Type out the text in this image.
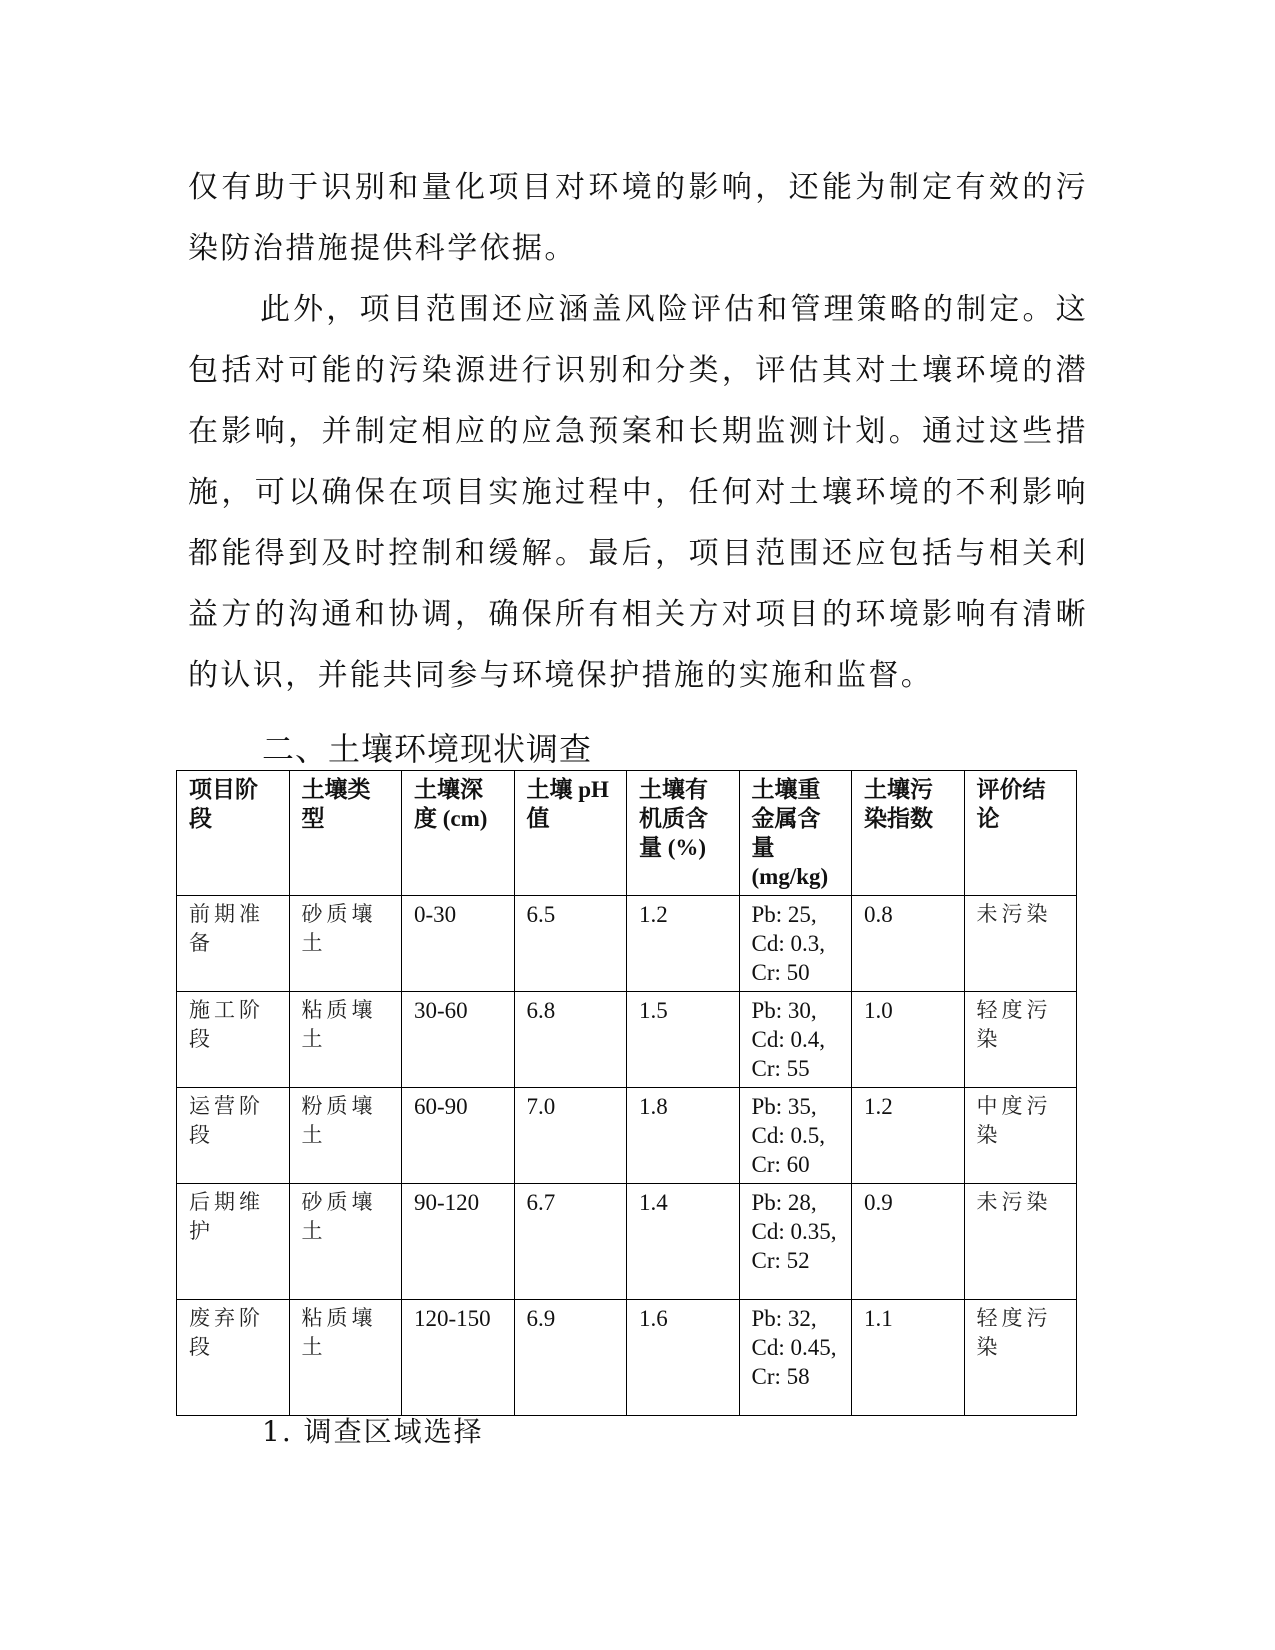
仅有助于识别和量化项目对环境的影响，还能为制定有效的污染防治措施提供科学依据。

此外，项目范围还应涵盖风险评估和管理策略的制定。这包括对可能的污染源进行识别和分类，评估其对土壤环境的潜在影响，并制定相应的应急预案和长期监测计划。通过这些措施，可以确保在项目实施过程中，任何对土壤环境的不利影响都能得到及时控制和缓解。最后，项目范围还应包括与相关利益方的沟通和协调，确保所有相关方对项目的环境影响有清晰的认识，并能共同参与环境保护措施的实施和监督。

二、土壤环境现状调查
项目阶段	土壤类型	土壤深度 (cm)	土壤 pH 值	土壤有机质含量 (%)	土壤重金属含量 (mg/kg)	土壤污染指数	评价结论
前期准备	砂质壤土	0-30	6.5	1.2	Pb: 25, Cd: 0.3, Cr: 50	0.8	未污染
施工阶段	粘质壤土	30-60	6.8	1.5	Pb: 30, Cd: 0.4, Cr: 55	1.0	轻度污染
运营阶段	粉质壤土	60-90	7.0	1.8	Pb: 35, Cd: 0.5, Cr: 60	1.2	中度污染
后期维护	砂质壤土	90-120	6.7	1.4	Pb: 28, Cd: 0.35, Cr: 52	0.9	未污染
废弃阶段	粘质壤土	120-150	6.9	1.6	Pb: 32, Cd: 0.45, Cr: 58	1.1	轻度污染
1. 调查区域选择
